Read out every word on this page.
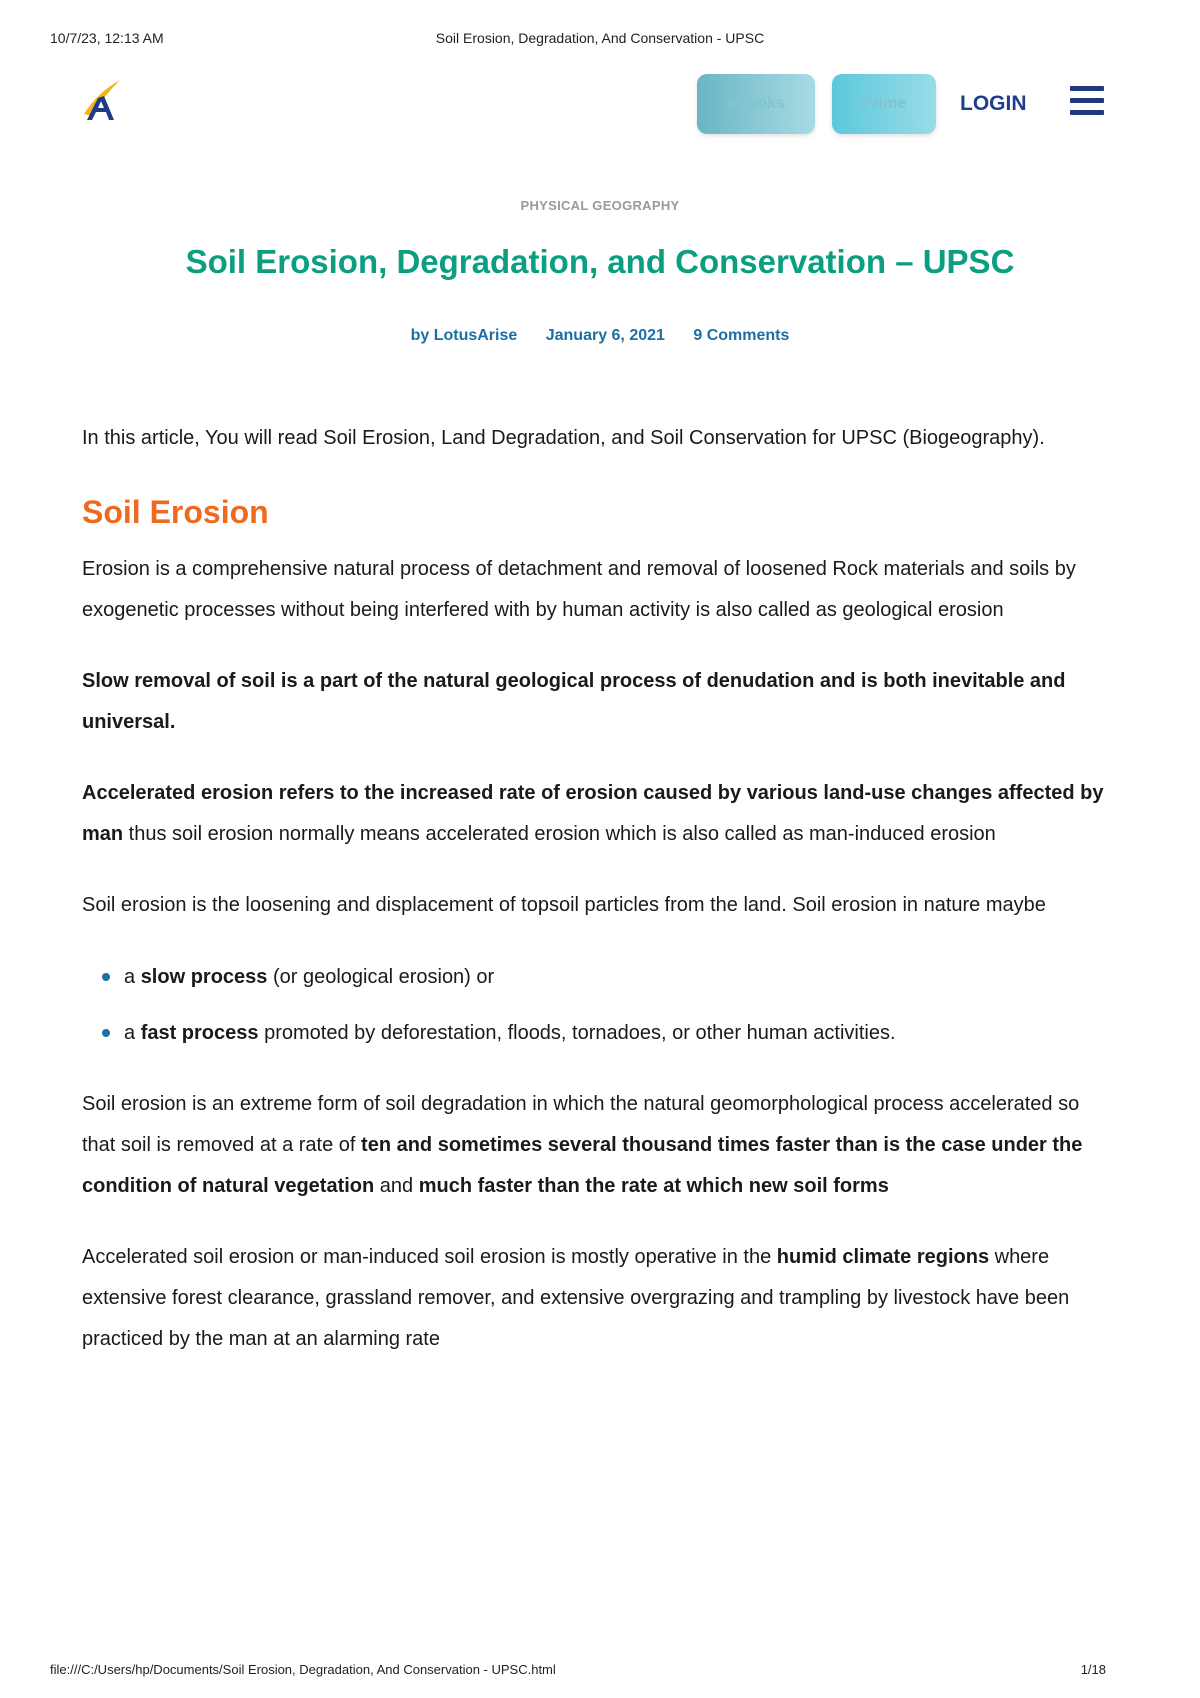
10/7/23, 12:13 AM	Soil Erosion, Degradation, And Conservation - UPSC
eBooks	Prime	LOGIN
PHYSICAL GEOGRAPHY
Soil Erosion, Degradation, and Conservation – UPSC
by LotusArise January 6, 2021 9 Comments

In this article, You will read Soil Erosion, Land Degradation, and Soil Conservation for UPSC (Biogeography).

Soil Erosion

Erosion is a comprehensive natural process of detachment and removal of loosened Rock materials and soils by exogenetic processes without being interfered with by human activity is also called as geological erosion

Slow removal of soil is a part of the natural geological process of denudation and is both inevitable and universal.

Accelerated erosion refers to the increased rate of erosion caused by various land-use changes affected by man thus soil erosion normally means accelerated erosion which is also called as man-induced erosion

Soil erosion is the loosening and displacement of topsoil particles from the land. Soil erosion in nature maybe

a slow process (or geological erosion) or
a fast process promoted by deforestation, floods, tornadoes, or other human activities.

Soil erosion is an extreme form of soil degradation in which the natural geomorphological process accelerated so that soil is removed at a rate of ten and sometimes several thousand times faster than is the case under the condition of natural vegetation and much faster than the rate at which new soil forms

Accelerated soil erosion or man-induced soil erosion is mostly operative in the humid climate regions where extensive forest clearance, grassland remover, and extensive overgrazing and trampling by livestock have been practiced by the man at an alarming rate

file:///C:/Users/hp/Documents/Soil Erosion, Degradation, And Conservation - UPSC.html	1/18
